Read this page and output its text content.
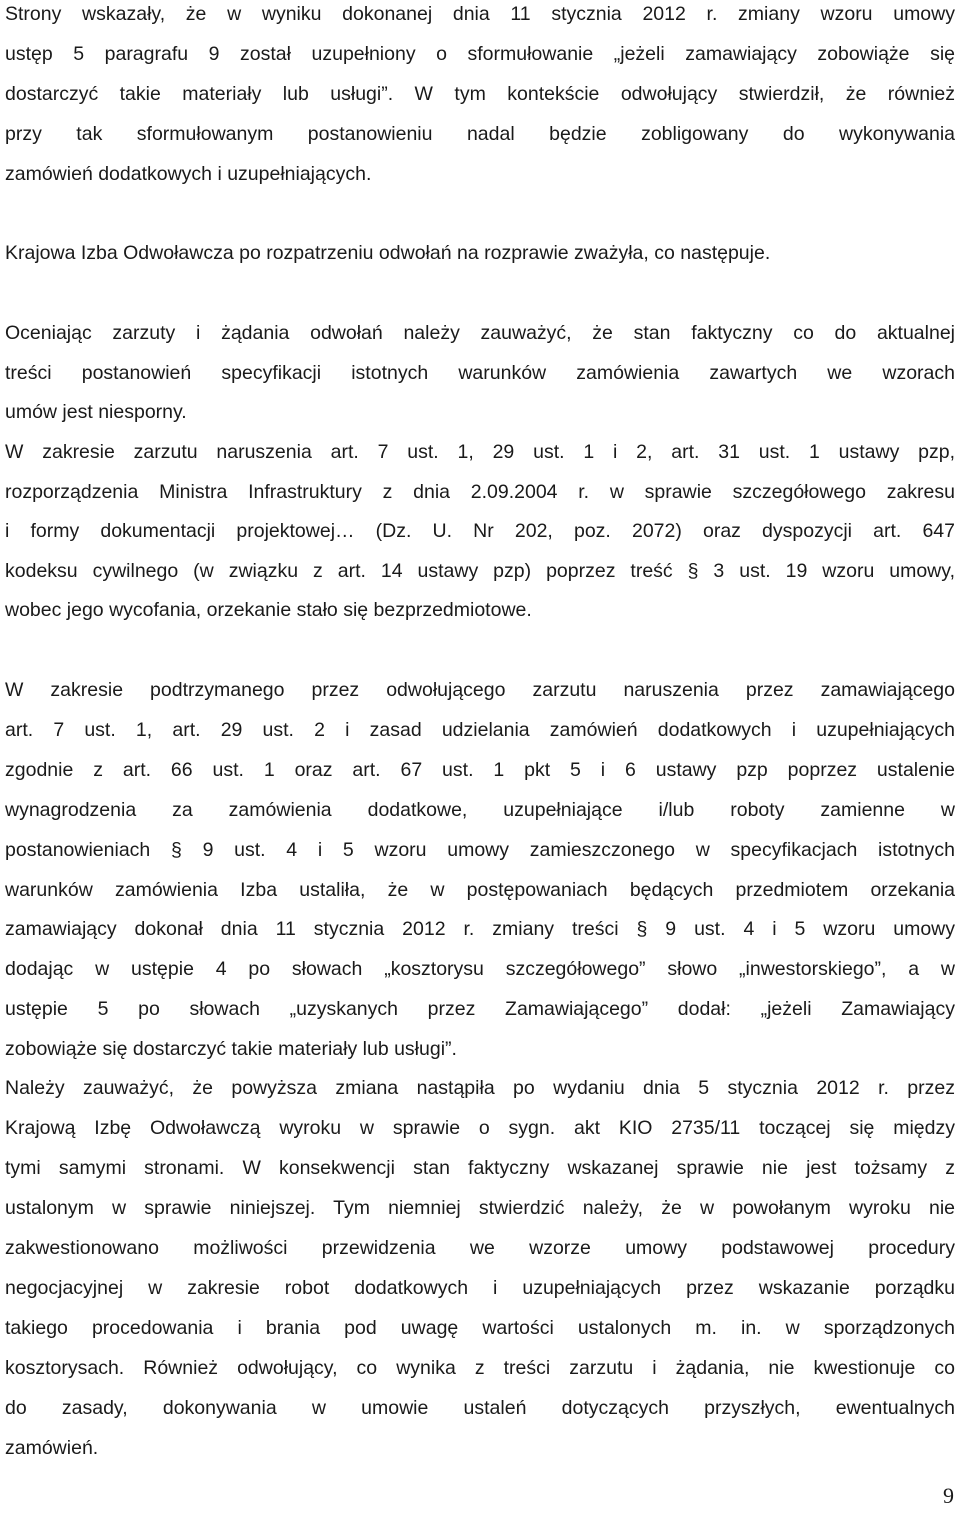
Strony wskazały, że w wyniku dokonanej dnia 11 stycznia 2012 r. zmiany wzoru umowy

ustęp 5 paragrafu 9 został uzupełniony o sformułowanie „jeżeli zamawiający zobowiąże się

dostarczyć takie materiały lub usługi”. W tym kontekście odwołujący stwierdził, że również

przy tak sformułowanym postanowieniu nadal będzie zobligowany do wykonywania

zamówień dodatkowych i uzupełniających.

Krajowa Izba Odwoławcza po rozpatrzeniu odwołań na rozprawie zważyła, co następuje.

Oceniając zarzuty i żądania odwołań należy zauważyć, że stan faktyczny co do aktualnej

treści postanowień specyfikacji istotnych warunków zamówienia zawartych we wzorach

umów jest niesporny.

W zakresie zarzutu naruszenia art. 7 ust. 1, 29 ust. 1 i 2, art. 31 ust. 1 ustawy pzp,

rozporządzenia Ministra Infrastruktury z dnia 2.09.2004 r. w sprawie szczegółowego zakresu

i formy dokumentacji projektowej… (Dz. U. Nr 202, poz. 2072) oraz dyspozycji art. 647

kodeksu cywilnego (w związku z art. 14 ustawy pzp) poprzez treść § 3 ust. 19 wzoru umowy,

wobec jego wycofania, orzekanie stało się bezprzedmiotowe.

W zakresie podtrzymanego przez odwołującego zarzutu naruszenia przez zamawiającego

art. 7 ust. 1, art. 29 ust. 2 i zasad udzielania zamówień dodatkowych i uzupełniających

zgodnie z art. 66 ust. 1 oraz art. 67 ust. 1 pkt 5 i 6 ustawy pzp poprzez ustalenie

wynagrodzenia za zamówienia dodatkowe, uzupełniające i/lub roboty zamienne w

postanowieniach § 9 ust. 4 i 5 wzoru umowy zamieszczonego w specyfikacjach istotnych

warunków zamówienia Izba ustaliła, że w postępowaniach będących przedmiotem orzekania

zamawiający dokonał dnia 11 stycznia 2012 r. zmiany treści § 9 ust. 4 i 5 wzoru umowy

dodając w ustępie 4 po słowach „kosztorysu szczegółowego” słowo „inwestorskiego”, a w

ustępie 5 po słowach „uzyskanych przez Zamawiającego” dodał: „jeżeli Zamawiający

zobowiąże się dostarczyć takie materiały lub usługi”.

Należy zauważyć, że powyższa zmiana nastąpiła po wydaniu dnia 5 stycznia 2012 r. przez

Krajową Izbę Odwoławczą wyroku w sprawie o sygn. akt KIO 2735/11 toczącej się między

tymi samymi stronami. W konsekwencji stan faktyczny wskazanej sprawie nie jest tożsamy z

ustalonym w sprawie niniejszej. Tym niemniej stwierdzić należy, że w powołanym wyroku nie

zakwestionowano możliwości przewidzenia we wzorze umowy podstawowej procedury

negocjacyjnej w zakresie robot dodatkowych i uzupełniających przez wskazanie porządku

takiego procedowania i brania pod uwagę wartości ustalonych m. in. w sporządzonych

kosztorysach. Również odwołujący, co wynika z treści zarzutu i żądania, nie kwestionuje co

do zasady, dokonywania w umowie ustaleń dotyczących przyszłych, ewentualnych

zamówień.

9
